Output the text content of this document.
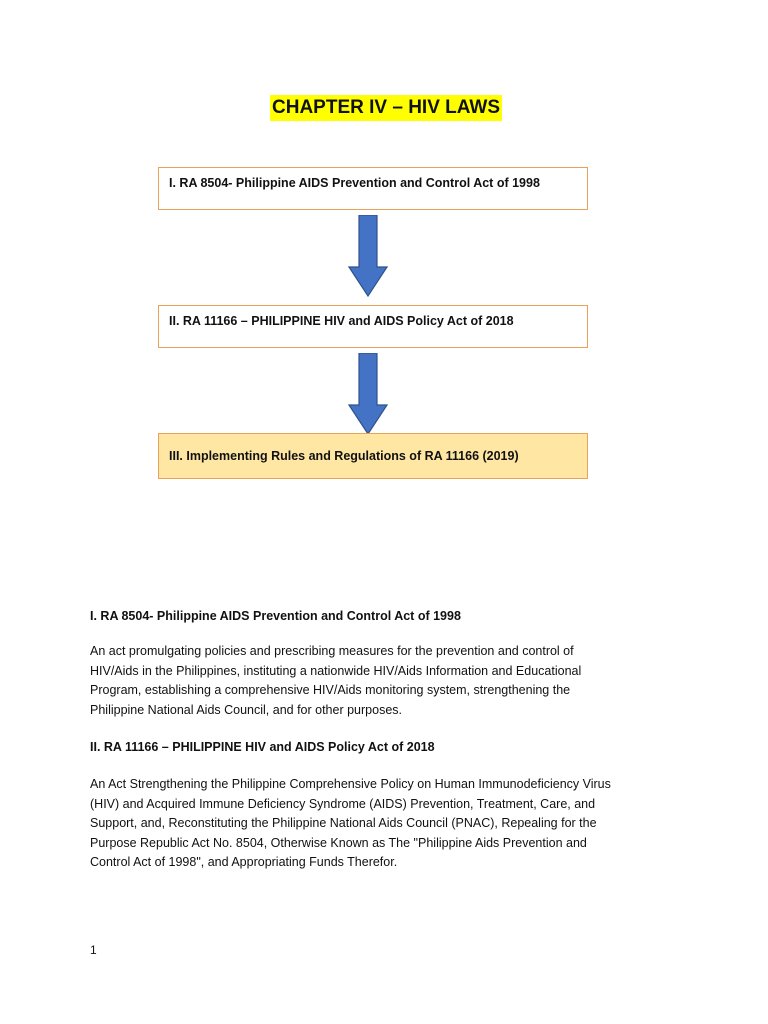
CHAPTER IV – HIV LAWS
I. RA 8504- Philippine AIDS Prevention and Control Act of 1998
II. RA 11166 – PHILIPPINE HIV and AIDS Policy Act of 2018
III. Implementing Rules and Regulations of RA 11166 (2019)
I. RA 8504- Philippine AIDS Prevention and Control Act of 1998

An act promulgating policies and prescribing measures for the prevention and control of

HIV/Aids in the Philippines, instituting a nationwide HIV/Aids Information and Educational

Program, establishing a comprehensive HIV/Aids monitoring system, strengthening the

Philippine National Aids Council, and for other purposes.

II. RA 11166 – PHILIPPINE HIV and AIDS Policy Act of 2018

An Act Strengthening the Philippine Comprehensive Policy on Human Immunodeficiency Virus

(HIV) and Acquired Immune Deficiency Syndrome (AIDS) Prevention, Treatment, Care, and

Support, and, Reconstituting the Philippine National Aids Council (PNAC), Repealing for the

Purpose Republic Act No. 8504, Otherwise Known as The "Philippine Aids Prevention and

Control Act of 1998", and Appropriating Funds Therefor.

1
